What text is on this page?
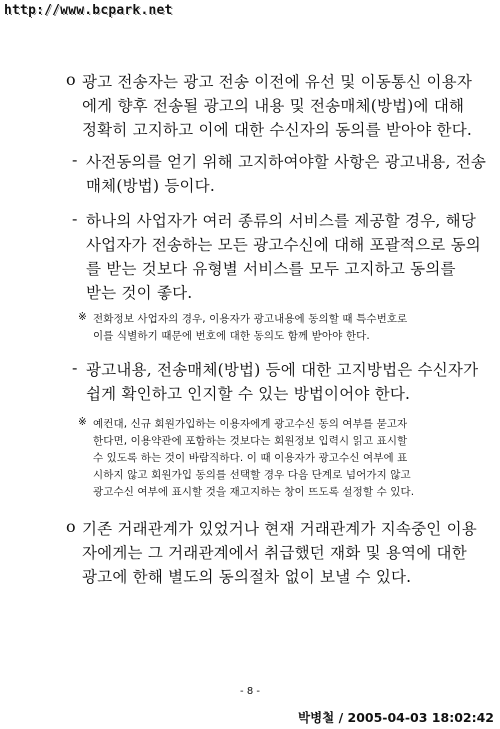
http://www.bcpark.net
o 광고 전송자는 광고 전송 이전에 유선 및 이동통신 이용자
에게 향후 전송될 광고의 내용 및 전송매체(방법)에 대해
정확히 고지하고 이에 대한 수신자의 동의를 받아야 한다.
- 사전동의를 얻기 위해 고지하여야할 사항은 광고내용, 전송
매체(방법) 등이다.
- 하나의 사업자가 여러 종류의 서비스를 제공할 경우, 해당
사업자가 전송하는 모든 광고수신에 대해 포괄적으로 동의
를 받는 것보다 유형별 서비스를 모두 고지하고 동의를
받는 것이 좋다.
※ 전화정보 사업자의 경우, 이용자가 광고내용에 동의할 때 특수번호로
이를 식별하기 때문에 번호에 대한 동의도 함께 받아야 한다.
- 광고내용, 전송매체(방법) 등에 대한 고지방법은 수신자가
쉽게 확인하고 인지할 수 있는 방법이어야 한다.
※ 예컨대, 신규 회원가입하는 이용자에게 광고수신 동의 여부를 묻고자
한다면, 이용약관에 포함하는 것보다는 회원정보 입력시 읽고 표시할
수 있도록 하는 것이 바람직하다. 이 때 이용자가 광고수신 여부에 표
시하지 않고 회원가입 동의를 선택할 경우 다음 단계로 넘어가지 않고
광고수신 여부에 표시할 것을 재고지하는 창이 뜨도록 설정할 수 있다.
o 기존 거래관계가 있었거나 현재 거래관계가 지속중인 이용
자에게는 그 거래관계에서 취급했던 재화 및 용역에 대한
광고에 한해 별도의 동의절차 없이 보낼 수 있다.
- 8 -
박병철 / 2005-04-03 18:02:42
